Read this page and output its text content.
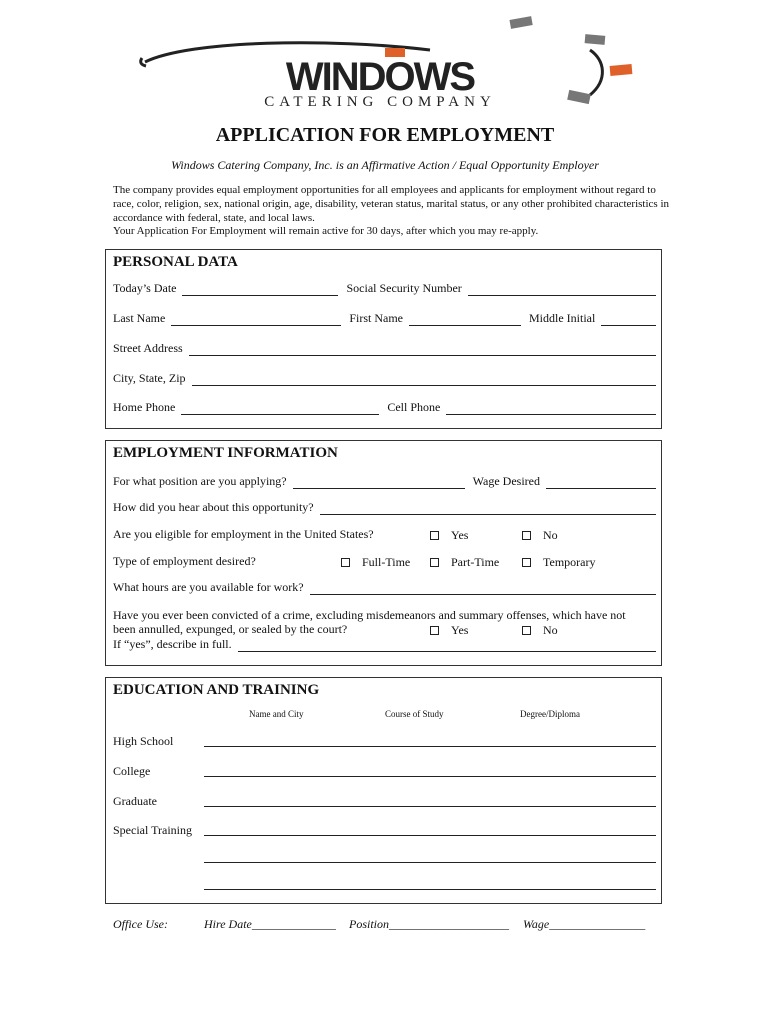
WINDOWS
CATERING COMPANY
APPLICATION FOR EMPLOYMENT
Windows Catering Company, Inc. is an Affirmative Action / Equal Opportunity Employer
The company provides equal employment opportunities for all employees and applicants for employment without regard to race, color, religion, sex, national origin, age, disability, veteran status, marital status, or any other prohibited characteristics in accordance with federal, state, and local laws.
Your Application For Employment will remain active for 30 days, after which you may re-apply.
PERSONAL DATA
Today’s Date	Social Security Number
Last Name	First Name	Middle Initial
Street Address
City, State, Zip
Home Phone	Cell Phone
EMPLOYMENT INFORMATION
For what position are you applying?	Wage Desired
How did you hear about this opportunity?
Are you eligible for employment in the United States?	Yes	No
Type of employment desired?	Full-Time	Part-Time	Temporary
What hours are you available for work?
Have you ever been convicted of a crime, excluding misdemeanors and summary offenses, which have not
been annulled, expunged, or sealed by the court?	Yes	No
If “yes”, describe in full.
EDUCATION AND TRAINING
Name and City	Course of Study	Degree/Diploma
High School
College
Graduate
Special Training
Office Use:	Hire Date______________ Position____________________ Wage________________
